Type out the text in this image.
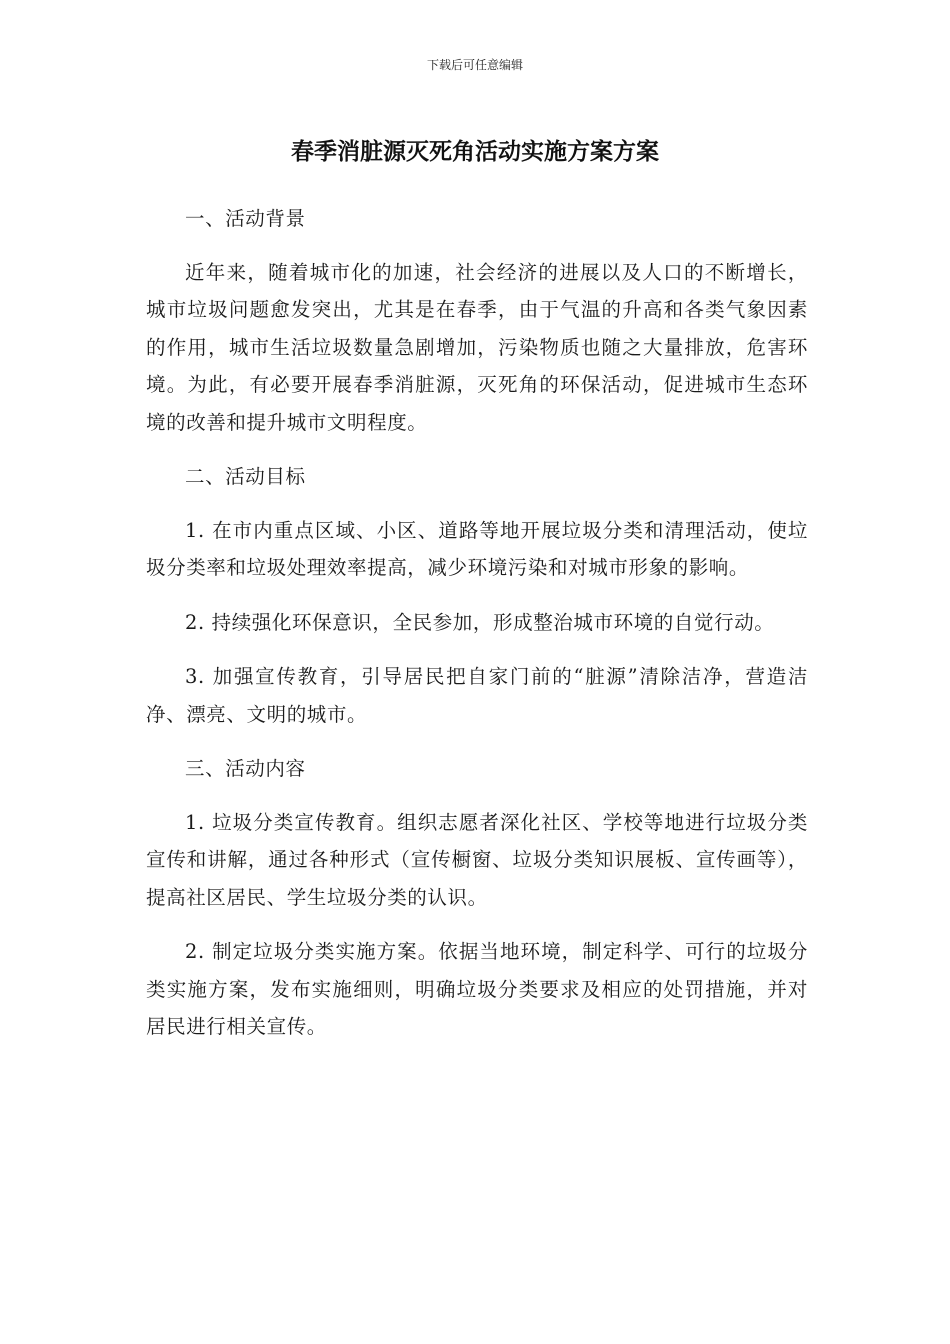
下载后可任意编辑
春季消脏源灭死角活动实施方案方案

一、活动背景

近年来，随着城市化的加速，社会经济的进展以及人口的不断增长，城市垃圾问题愈发突出，尤其是在春季，由于气温的升高和各类气象因素的作用，城市生活垃圾数量急剧增加，污染物质也随之大量排放，危害环境。为此，有必要开展春季消脏源，灭死角的环保活动，促进城市生态环境的改善和提升城市文明程度。

二、活动目标

1. 在市内重点区域、小区、道路等地开展垃圾分类和清理活动，使垃圾分类率和垃圾处理效率提高，减少环境污染和对城市形象的影响。

2. 持续强化环保意识，全民参加，形成整治城市环境的自觉行动。

3. 加强宣传教育，引导居民把自家门前的“脏源”清除洁净，营造洁净、漂亮、文明的城市。

三、活动内容

1. 垃圾分类宣传教育。组织志愿者深化社区、学校等地进行垃圾分类宣传和讲解，通过各种形式（宣传橱窗、垃圾分类知识展板、宣传画等），提高社区居民、学生垃圾分类的认识。

2. 制定垃圾分类实施方案。依据当地环境，制定科学、可行的垃圾分类实施方案，发布实施细则，明确垃圾分类要求及相应的处罚措施，并对居民进行相关宣传。
